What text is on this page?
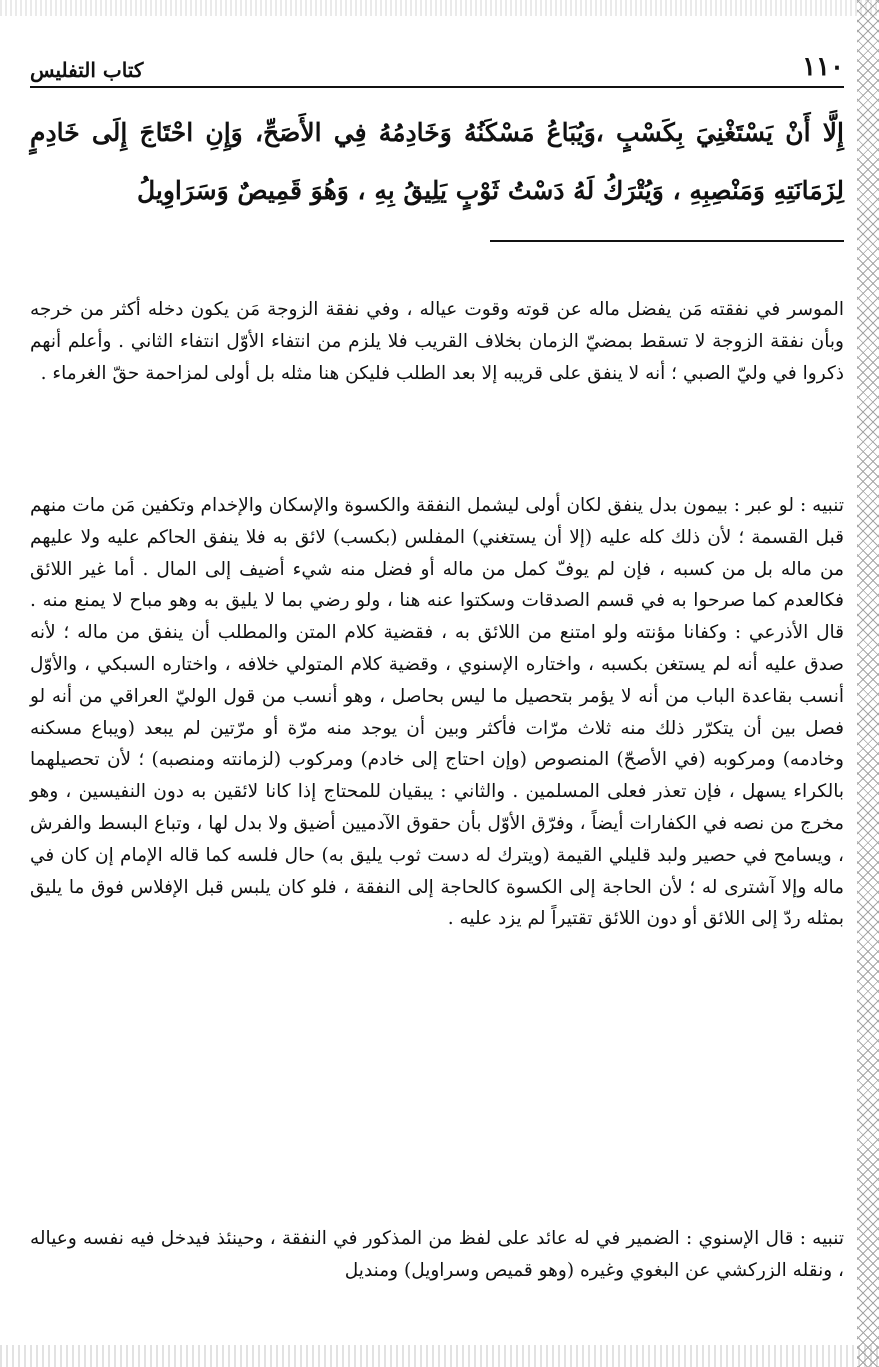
١١٠
كتاب التفليس

إِلَّا أَنْ يَسْتَغْنِيَ بِكَسْبٍ ،وَيُبَاعُ مَسْكَنُهُ وَخَادِمُهُ فِي الأَصَحِّ، وَإِنِ احْتَاجَ إِلَى خَادِمٍ لِزَمَانَتِهِ وَمَنْصِبِهِ ، وَيُتْرَكُ لَهُ دَسْتُ ثَوْبٍ يَلِيقُ بِهِ ، وَهُوَ قَمِيصٌ وَسَرَاوِيلُ

الموسر في نفقته مَن يفضل ماله عن قوته وقوت عياله ، وفي نفقة الزوجة مَن يكون دخله أكثر من خرجه وبأن نفقة الزوجة لا تسقط بمضيّ الزمان بخلاف القريب فلا يلزم من انتفاء الأوّل انتفاء الثاني . وأعلم أنهم ذكروا في وليّ الصبي ؛ أنه لا ينفق على قريبه إلا بعد الطلب فليكن هنا مثله بل أولى لمزاحمة حقّ الغرماء .

تنبيه : لو عبر : بيمون بدل ينفق لكان أولى ليشمل النفقة والكسوة والإسكان والإخدام وتكفين مَن مات منهم قبل القسمة ؛ لأن ذلك كله عليه (إلا أن يستغني) المفلس (بكسب) لائق به فلا ينفق الحاكم عليه ولا عليهم من ماله بل من كسبه ، فإن لم يوفّ كمل من ماله أو فضل منه شيء أضيف إلى المال . أما غير اللائق فكالعدم كما صرحوا به في قسم الصدقات وسكتوا عنه هنا ، ولو رضي بما لا يليق به وهو مباح لا يمنع منه . قال الأذرعي : وكفانا مؤنته ولو امتنع من اللائق به ، فقضية كلام المتن والمطلب أن ينفق من ماله ؛ لأنه صدق عليه أنه لم يستغن بكسبه ، واختاره الإسنوي ، وقضية كلام المتولي خلافه ، واختاره السبكي ، والأوّل أنسب بقاعدة الباب من أنه لا يؤمر بتحصيل ما ليس بحاصل ، وهو أنسب من قول الوليّ العراقي من أنه لو فصل بين أن يتكرّر ذلك منه ثلاث مرّات فأكثر وبين أن يوجد منه مرّة أو مرّتين لم يبعد (ويباع مسكنه وخادمه) ومركوبه (في الأصحّ) المنصوص (وإن احتاج إلى خادم) ومركوب (لزمانته ومنصبه) ؛ لأن تحصيلهما بالكراء يسهل ، فإن تعذر فعلى المسلمين . والثاني : يبقيان للمحتاج إذا كانا لائقين به دون النفيسين ، وهو مخرج من نصه في الكفارات أيضاً ، وفرّق الأوّل بأن حقوق الآدميين أضيق ولا بدل لها ، وتباع البسط والفرش ، ويسامح في حصير ولبد قليلي القيمة (ويترك له دست ثوب يليق به) حال فلسه كما قاله الإمام إن كان في ماله وإلا آشترى له ؛ لأن الحاجة إلى الكسوة كالحاجة إلى النفقة ، فلو كان يلبس قبل الإفلاس فوق ما يليق بمثله ردّ إلى اللائق أو دون اللائق تقتيراً لم يزد عليه .

تنبيه : قال الإسنوي : الضمير في له عائد على لفظ من المذكور في النفقة ، وحينئذ فيدخل فيه نفسه وعياله ، ونقله الزركشي عن البغوي وغيره (وهو قميص وسراويل) ومنديل
